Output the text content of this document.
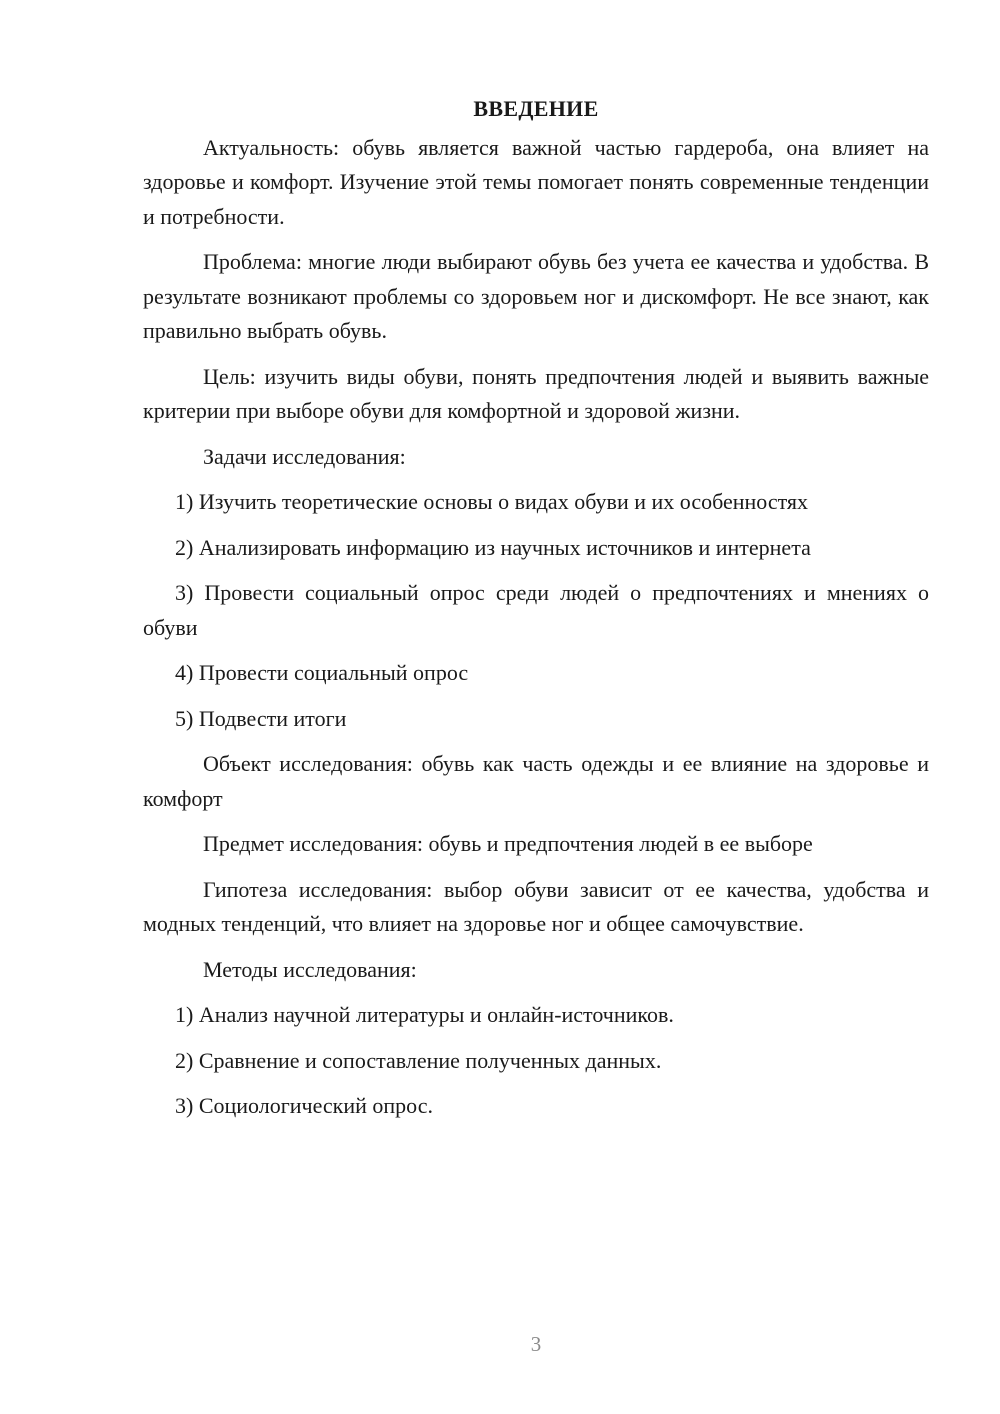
ВВЕДЕНИЕ

Актуальность: обувь является важной частью гардероба, она влияет на здоровье и комфорт. Изучение этой темы помогает понять современные тенденции и потребности.

Проблема: многие люди выбирают обувь без учета ее качества и удобства. В результате возникают проблемы со здоровьем ног и дискомфорт. Не все знают, как правильно выбрать обувь.

Цель: изучить виды обуви, понять предпочтения людей и выявить важные критерии при выборе обуви для комфортной и здоровой жизни.

Задачи исследования:

1) Изучить теоретические основы о видах обуви и их особенностях

2) Анализировать информацию из научных источников и интернета

3) Провести социальный опрос среди людей о предпочтениях и мнениях о обуви

4) Провести социальный опрос

5) Подвести итоги

Объект исследования: обувь как часть одежды и ее влияние на здоровье и комфорт

Предмет исследования: обувь и предпочтения людей в ее выборе

Гипотеза исследования: выбор обуви зависит от ее качества, удобства и модных тенденций, что влияет на здоровье ног и общее самочувствие.

Методы исследования:

1) Анализ научной литературы и онлайн-источников.

2) Сравнение и сопоставление полученных данных.

3) Социологический опрос.

3
